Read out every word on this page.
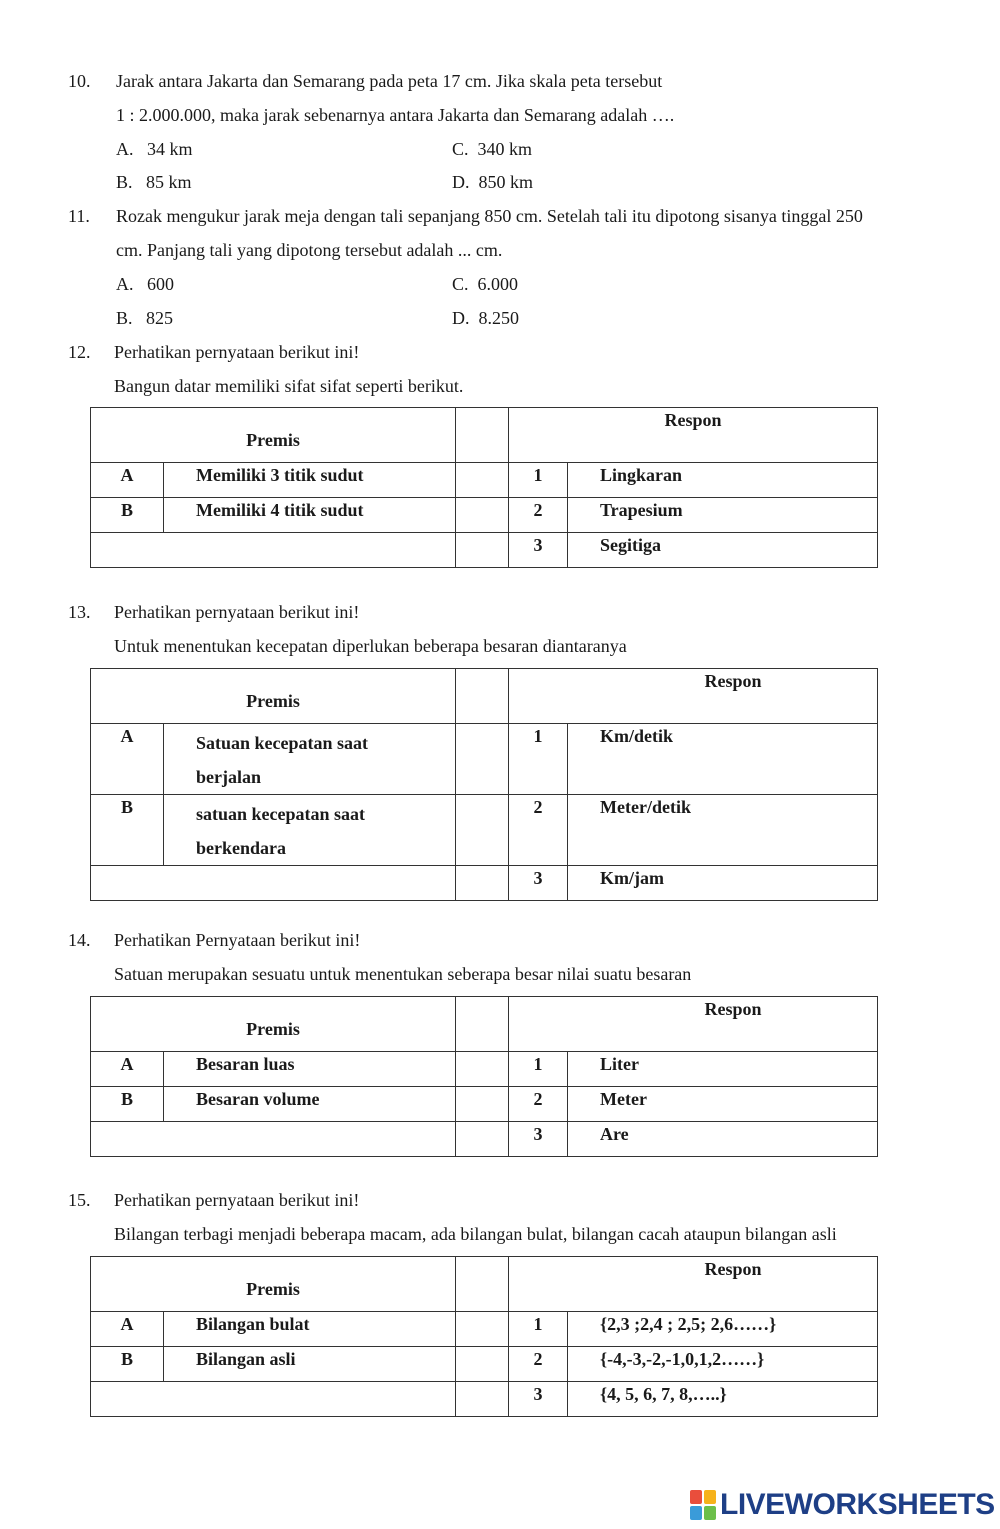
10. Jarak antara Jakarta dan Semarang pada peta 17 cm. Jika skala peta tersebut
1 : 2.000.000, maka jarak sebenarnya antara Jakarta dan Semarang adalah ….
A. 34 km	C. 340 km
B. 85 km	D. 850 km
11. Rozak mengukur jarak meja dengan tali sepanjang 850 cm. Setelah tali itu dipotong sisanya tinggal 250
cm. Panjang tali yang dipotong tersebut adalah ... cm.
A. 600	C. 6.000
B. 825	D. 8.250
12. Perhatikan pernyataan berikut ini!
Bangun datar memiliki sifat sifat seperti berikut.
Premis			Respon	

A	Memiliki 3 titik sudut		1	Lingkaran

B	Memiliki 4 titik sudut		2	Trapesium

			3	Segitiga
13. Perhatikan pernyataan berikut ini!
Untuk menentukan kecepatan diperlukan beberapa besaran diantaranya
Premis			Respon	

A	Satuan kecepatan saat
berjalan		1	Km/detik

B	satuan kecepatan saat
berkendara		2	Meter/detik

			3	Km/jam
14. Perhatikan Pernyataan berikut ini!
Satuan merupakan sesuatu untuk menentukan seberapa besar nilai suatu besaran
Premis			Respon	

A	Besaran luas		1	Liter

B	Besaran volume		2	Meter

			3	Are
15. Perhatikan pernyataan berikut ini!
Bilangan terbagi menjadi beberapa macam, ada bilangan bulat, bilangan cacah ataupun bilangan asli
Premis			Respon	

A	Bilangan bulat		1	{2,3 ;2,4 ; 2,5; 2,6……}

B	Bilangan asli		2	{-4,-3,-2,-1,0,1,2……}

			3	{4, 5, 6, 7, 8,…..}
LIVEWORKSHEETS
